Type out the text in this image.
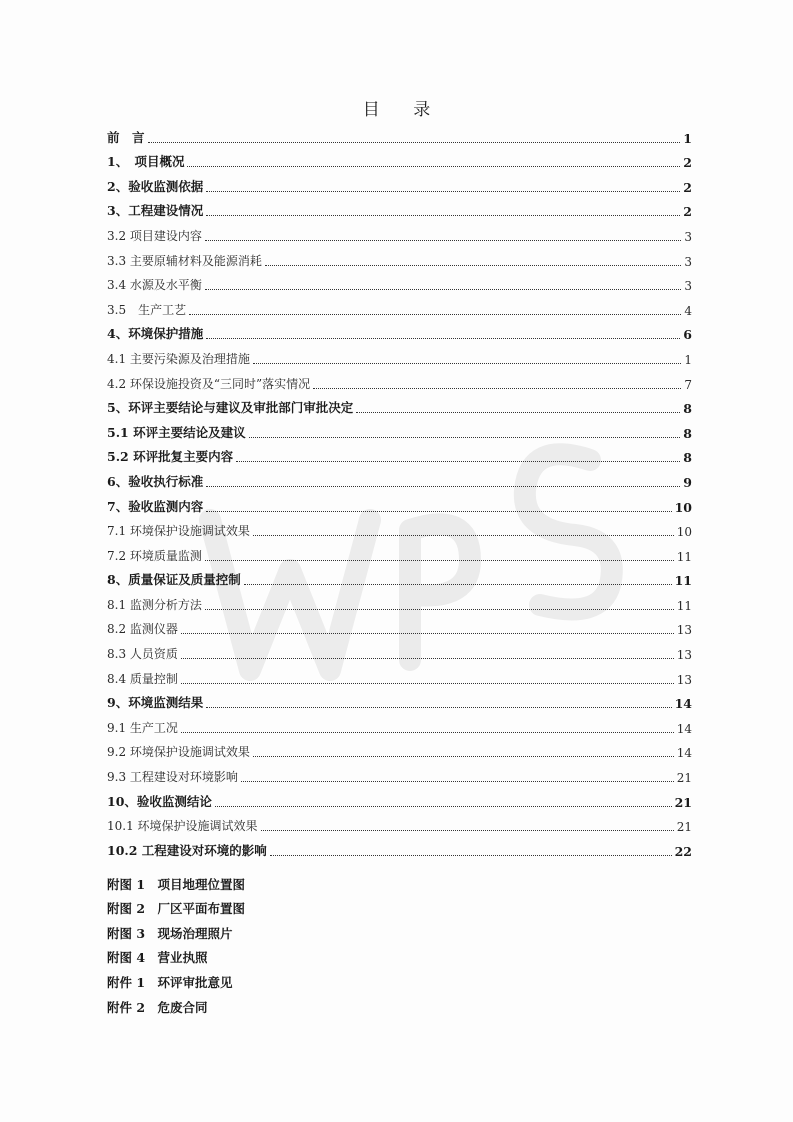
目 录
前　言	1
1、　项目概况	2
2、验收监测依据	2
3、工程建设情况	2
3.2 项目建设内容	3
3.3 主要原辅材料及能源消耗	3
3.4 水源及水平衡	3
3.5　生产工艺	4
4、环境保护措施	6
4.1 主要污染源及治理措施	1
4.2 环保设施投资及“三同时”落实情况	7
5、环评主要结论与建议及审批部门审批决定	8
5.1 环评主要结论及建议	8
5.2 环评批复主要内容	8
6、验收执行标准	9
7、验收监测内容	10
7.1 环境保护设施调试效果	10
7.2 环境质量监测	11
8、质量保证及质量控制	11
8.1 监测分析方法	11
8.2 监测仪器	13
8.3 人员资质	13
8.4 质量控制	13
9、环境监测结果	14
9.1 生产工况	14
9.2 环境保护设施调试效果	14
9.3 工程建设对环境影响	21
10、验收监测结论	21
10.1 环境保护设施调试效果	21
10.2 工程建设对环境的影响	22
附图 1　项目地理位置图
附图 2　厂区平面布置图
附图 3　现场治理照片
附图 4　营业执照
附件 1　环评审批意见
附件 2　危废合同
